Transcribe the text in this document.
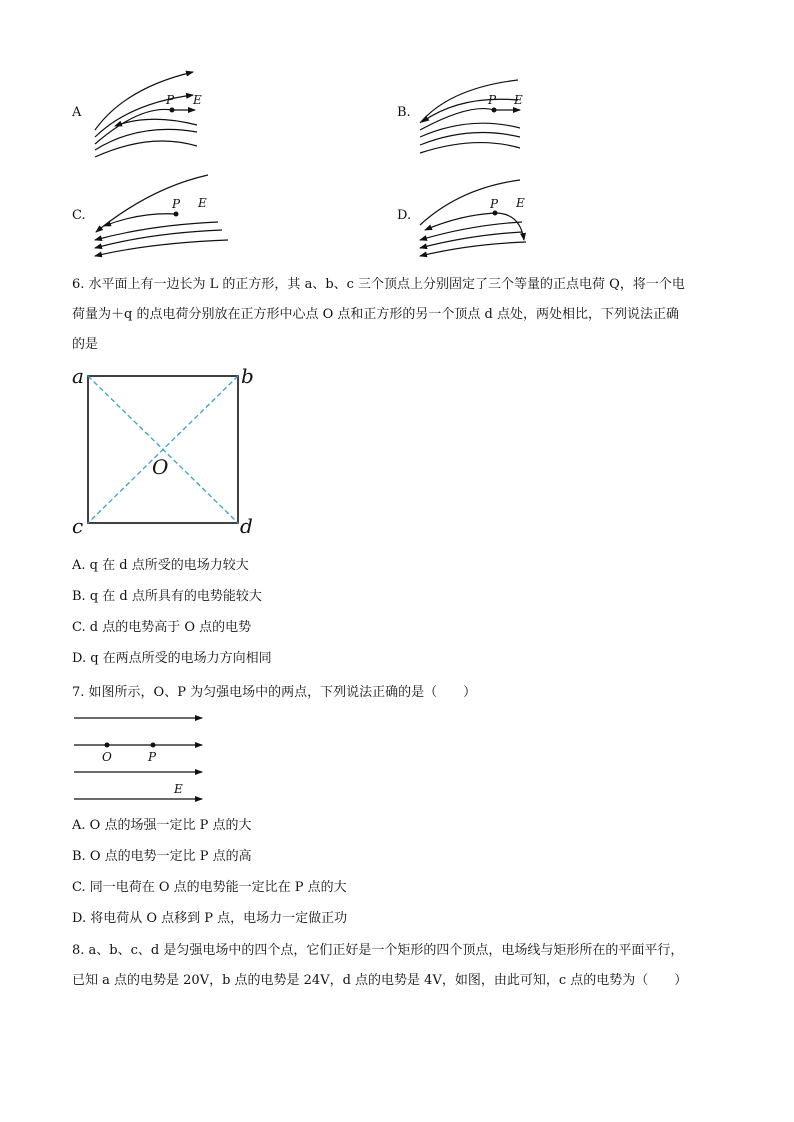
A
P E
B.
P E
C.
P E
D.
P E
6. 水平面上有一边长为 L 的正方形，其 a、b、c 三个顶点上分别固定了三个等量的正点电荷 Q，将一个电
荷量为＋q 的点电荷分别放在正方形中心点 O 点和正方形的另一个顶点 d 点处，两处相比，下列说法正确
的是
a	b
c	d
O
A. q 在 d 点所受的电场力较大
B. q 在 d 点所具有的电势能较大
C. d 点的电势高于 O 点的电势
D. q 在两点所受的电场力方向相同
7. 如图所示，O、P 为匀强电场中的两点，下列说法正确的是（　　）
O	P
E
A. O 点的场强一定比 P 点的大
B. O 点的电势一定比 P 点的高
C. 同一电荷在 O 点的电势能一定比在 P 点的大
D. 将电荷从 O 点移到 P 点，电场力一定做正功
8. a、b、c、d 是匀强电场中的四个点，它们正好是一个矩形的四个顶点，电场线与矩形所在的平面平行，
已知 a 点的电势是 20V，b 点的电势是 24V，d 点的电势是 4V，如图，由此可知，c 点的电势为（　　）
